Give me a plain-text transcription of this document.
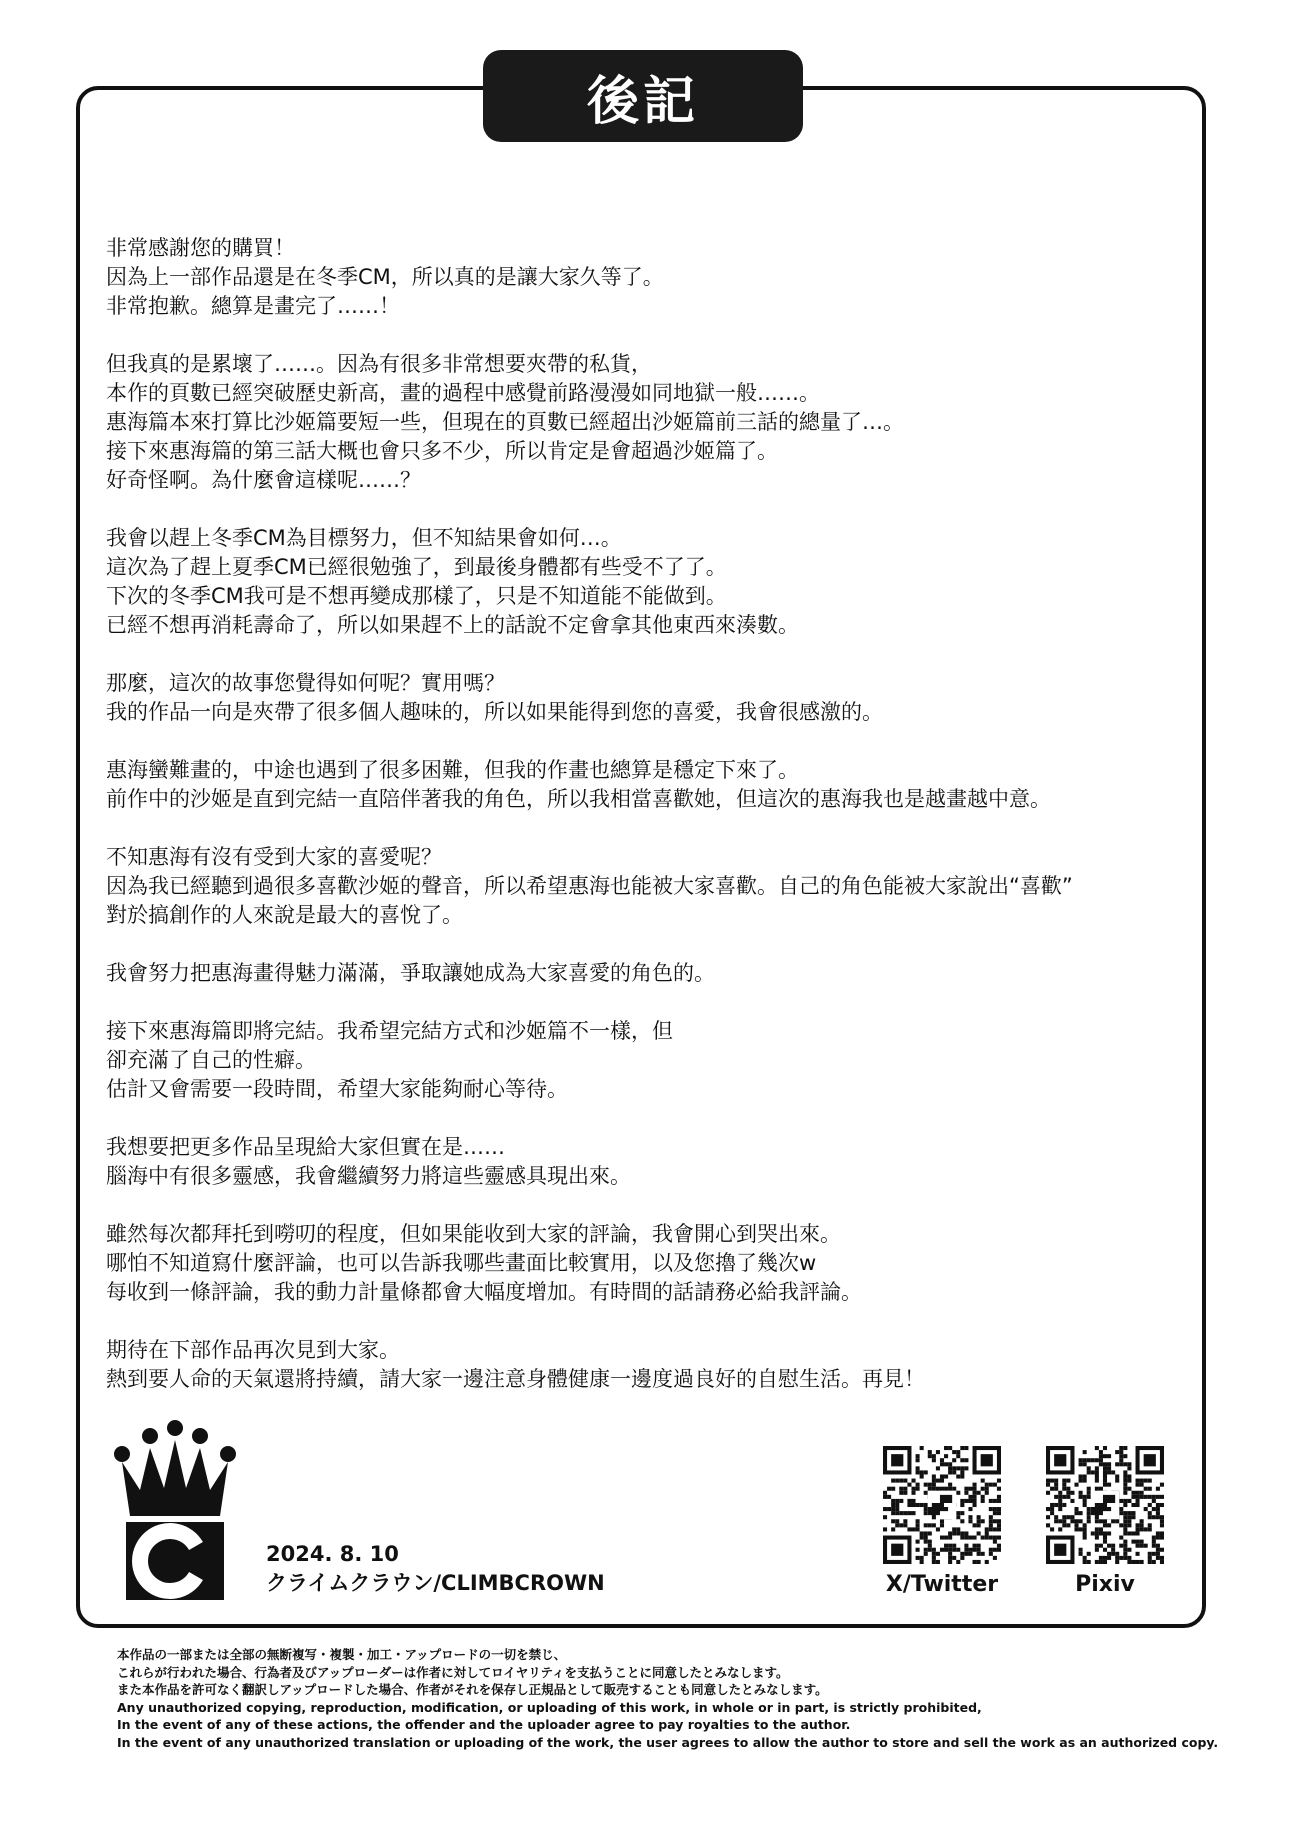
後記
非常感謝您的購買！
因為上一部作品還是在冬季CM，所以真的是讓大家久等了。
非常抱歉。總算是畫完了……！
但我真的是累壞了……。因為有很多非常想要夾帶的私貨，
本作的頁數已經突破歷史新高，畫的過程中感覺前路漫漫如同地獄一般……。
惠海篇本來打算比沙姬篇要短一些，但現在的頁數已經超出沙姬篇前三話的總量了…。
接下來惠海篇的第三話大概也會只多不少，所以肯定是會超過沙姬篇了。
好奇怪啊。為什麼會這樣呢……？
我會以趕上冬季CM為目標努力，但不知結果會如何…。
這次為了趕上夏季CM已經很勉強了，到最後身體都有些受不了了。
下次的冬季CM我可是不想再變成那樣了，只是不知道能不能做到。
已經不想再消耗壽命了，所以如果趕不上的話說不定會拿其他東西來湊數。
那麼，這次的故事您覺得如何呢？實用嗎？
我的作品一向是夾帶了很多個人趣味的，所以如果能得到您的喜愛，我會很感激的。
惠海蠻難畫的，中途也遇到了很多困難，但我的作畫也總算是穩定下來了。
前作中的沙姬是直到完結一直陪伴著我的角色，所以我相當喜歡她，但這次的惠海我也是越畫越中意。
不知惠海有沒有受到大家的喜愛呢？
因為我已經聽到過很多喜歡沙姬的聲音，所以希望惠海也能被大家喜歡。自己的角色能被大家說出“喜歡”
對於搞創作的人來說是最大的喜悅了。
我會努力把惠海畫得魅力滿滿，爭取讓她成為大家喜愛的角色的。
接下來惠海篇即將完結。我希望完結方式和沙姬篇不一樣，但
卻充滿了自己的性癖。
估計又會需要一段時間，希望大家能夠耐心等待。
我想要把更多作品呈現給大家但實在是……
腦海中有很多靈感，我會繼續努力將這些靈感具現出來。
雖然每次都拜托到嘮叨的程度，但如果能收到大家的評論，我會開心到哭出來。
哪怕不知道寫什麼評論，也可以告訴我哪些畫面比較實用，以及您擼了幾次w
每收到一條評論，我的動力計量條都會大幅度增加。有時間的話請務必給我評論。
期待在下部作品再次見到大家。
熱到要人命的天氣還將持續，請大家一邊注意身體健康一邊度過良好的自慰生活。再見！
2024. 8. 10
クライムクラウン/CLIMBCROWN	X/Twitter	Pixiv
本作品の一部または全部の無断複写・複製・加工・アップロードの一切を禁じ、
これらが行われた場合、行為者及びアップローダーは作者に対してロイヤリティを支払うことに同意したとみなします。
また本作品を許可なく翻訳しアップロードした場合、作者がそれを保存し正規品として販売することも同意したとみなします。
Any unauthorized copying, reproduction, modification, or uploading of this work, in whole or in part, is strictly prohibited,
In the event of any of these actions, the offender and the uploader agree to pay royalties to the author.
In the event of any unauthorized translation or uploading of the work, the user agrees to allow the author to store and sell the work as an authorized copy.
